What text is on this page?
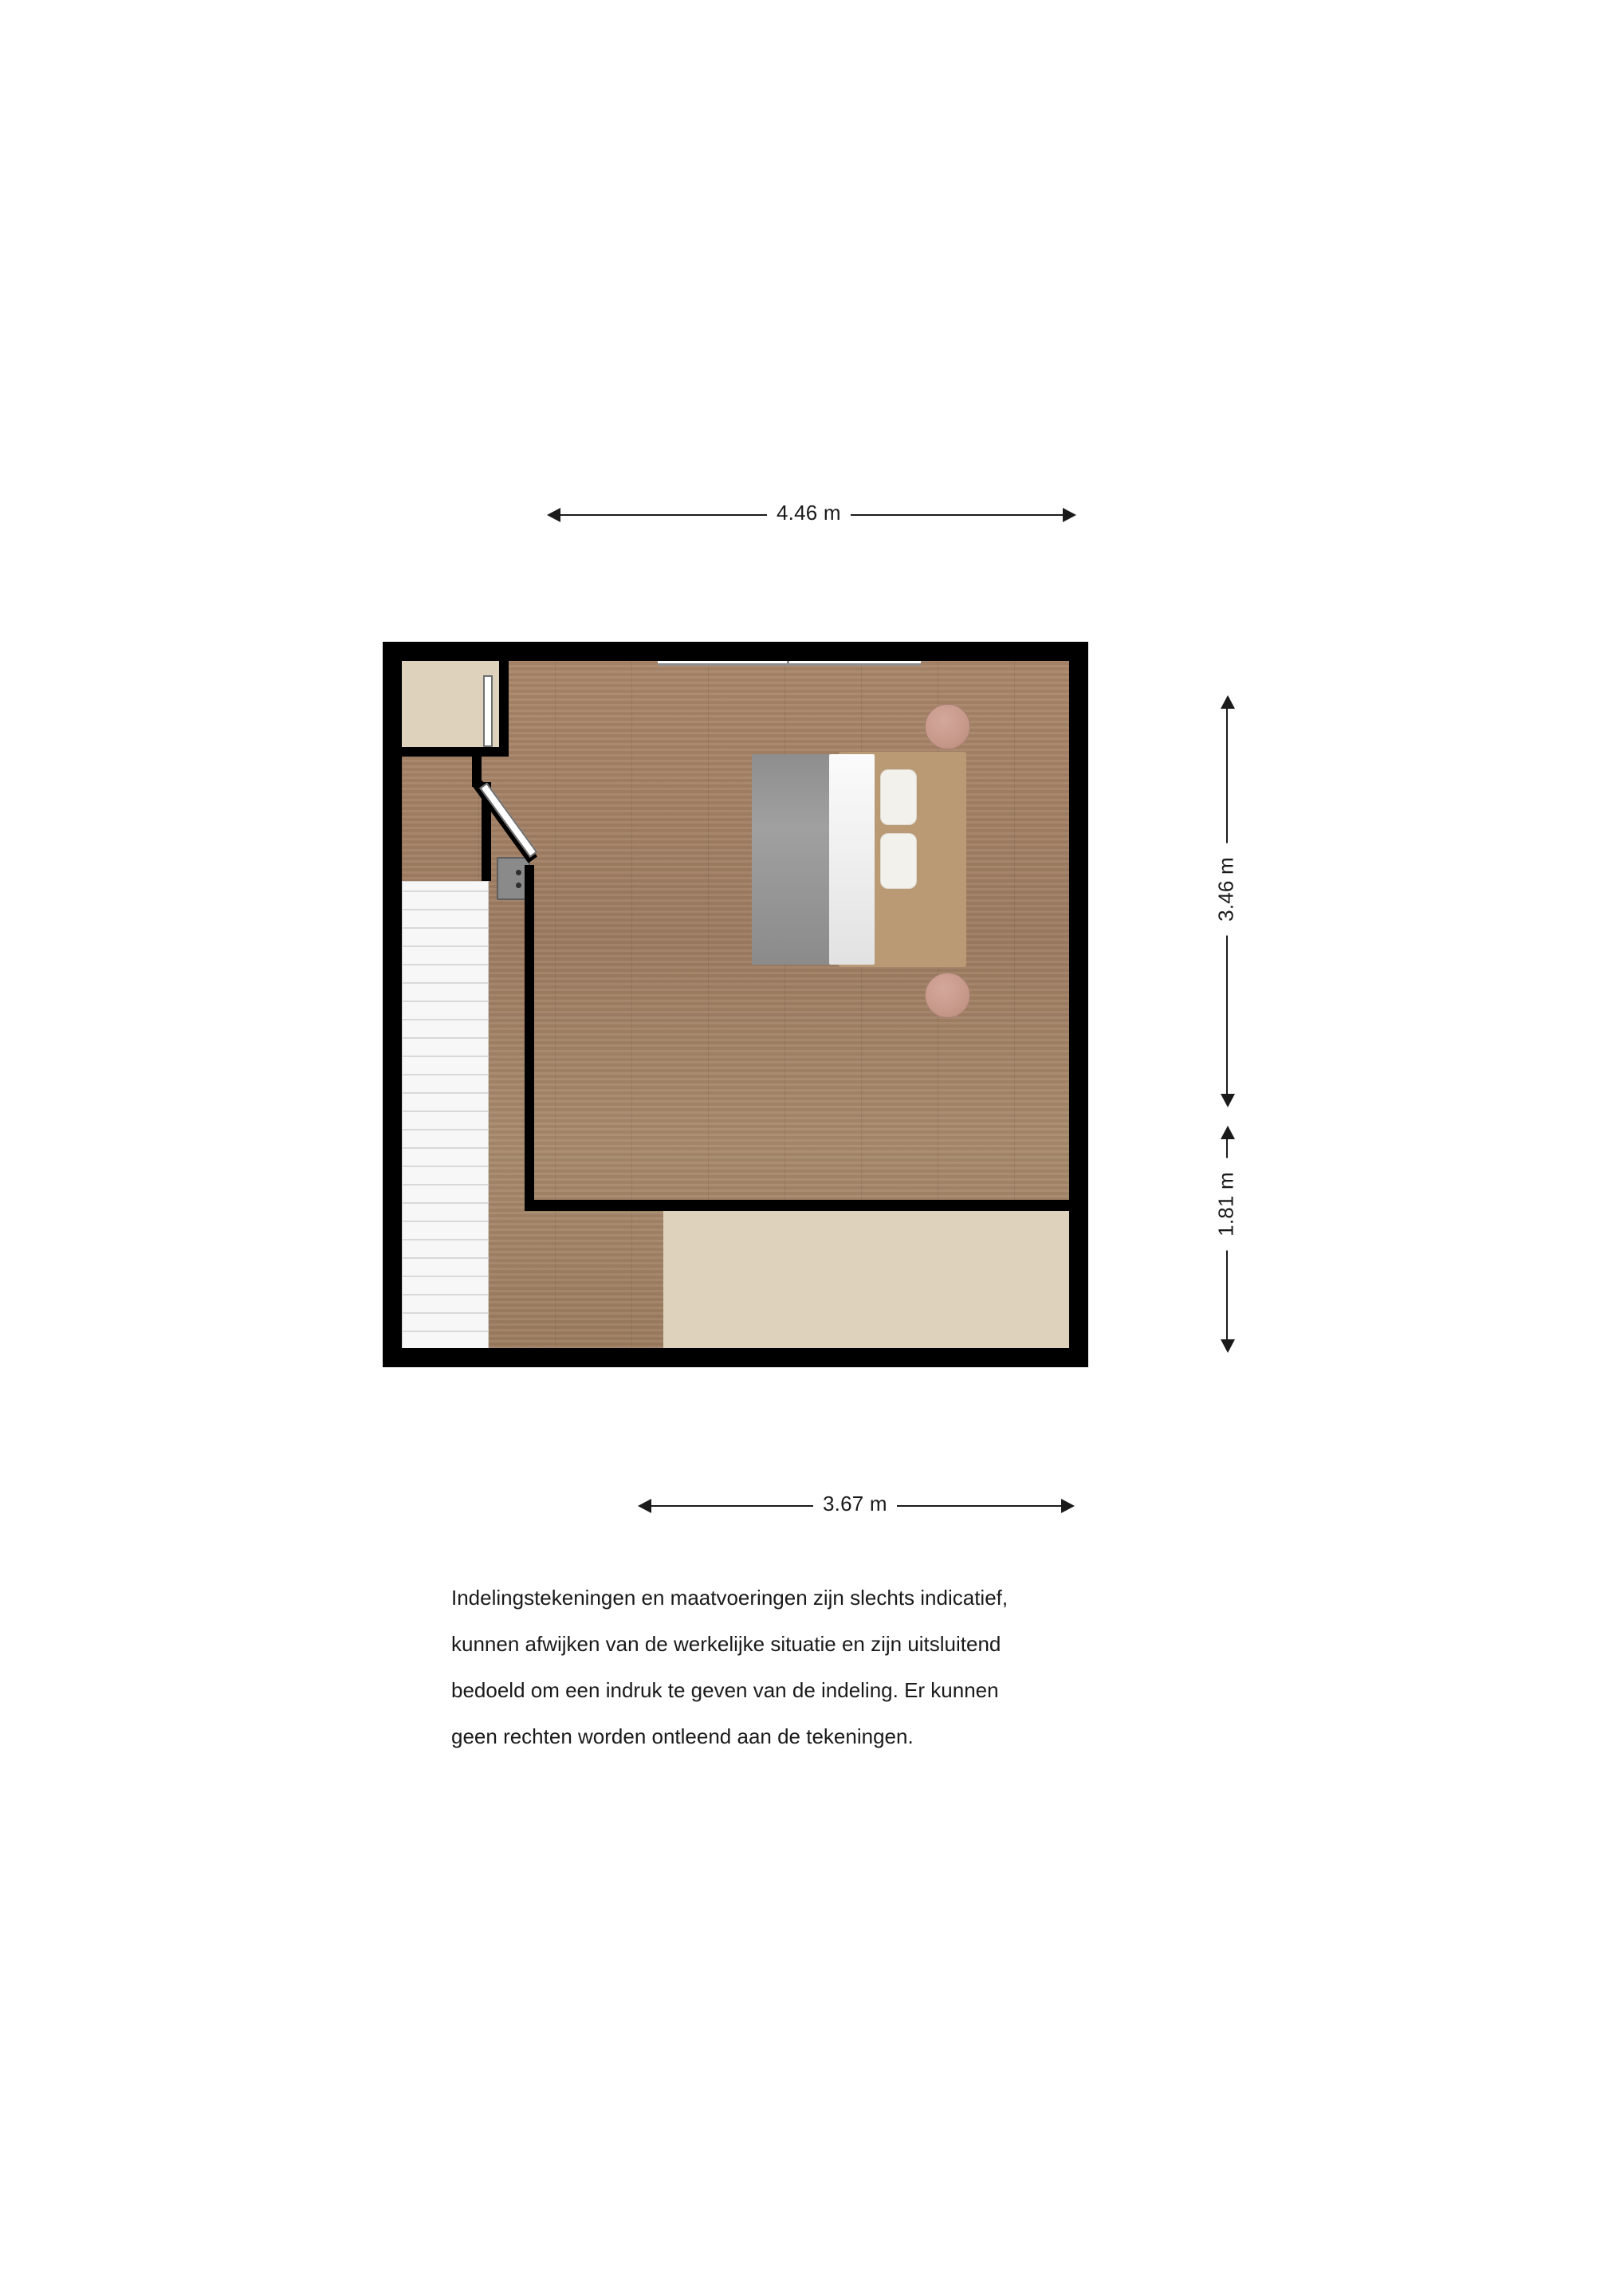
4.46 m
3.67 m
3.46 m
1.81 m

Indelingstekeningen en maatvoeringen zijn slechts indicatief,

kunnen afwijken van de werkelijke situatie en zijn uitsluitend

bedoeld om een indruk te geven van de indeling. Er kunnen

geen rechten worden ontleend aan de tekeningen.
